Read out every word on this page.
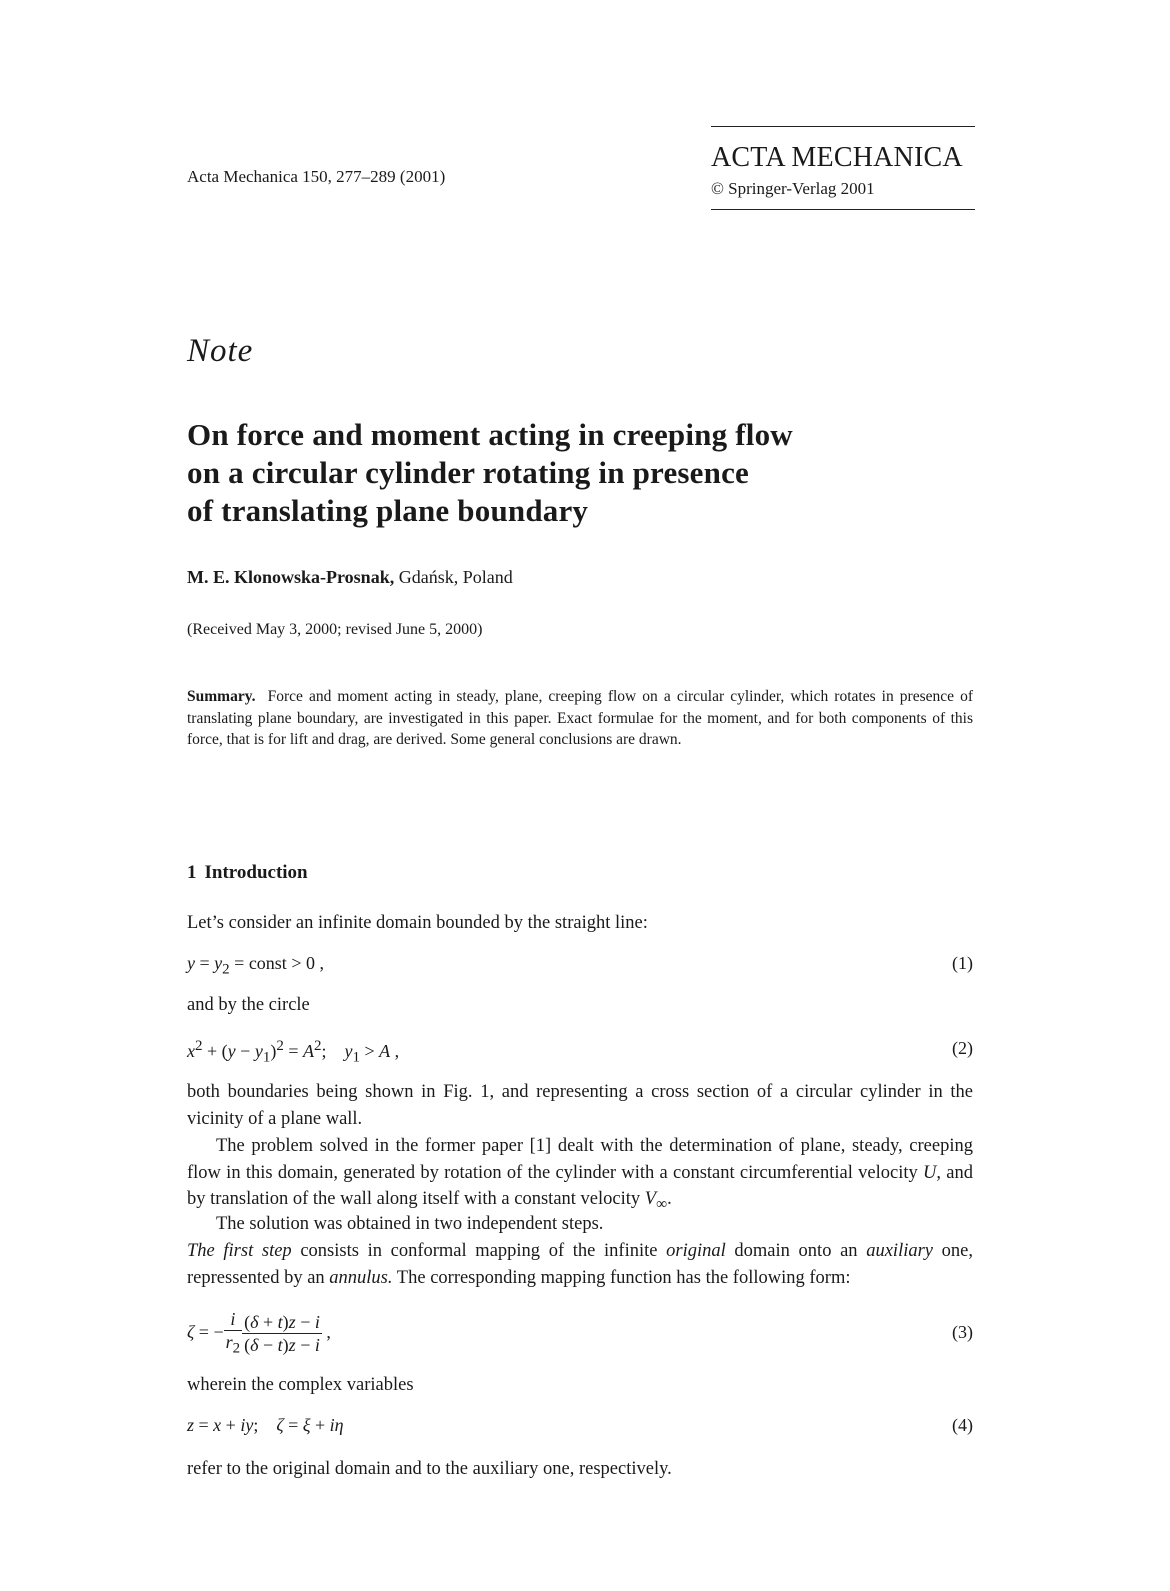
Acta Mechanica 150, 277–289 (2001)
ACTA MECHANICA
© Springer-Verlag 2001
Note
On force and moment acting in creeping flow
on a circular cylinder rotating in presence
of translating plane boundary
M. E. Klonowska-Prosnak, Gdańsk, Poland
(Received May 3, 2000; revised June 5, 2000)
Summary. Force and moment acting in steady, plane, creeping flow on a circular cylinder, which rotates in presence of translating plane boundary, are investigated in this paper. Exact formulae for the moment, and for both components of this force, that is for lift and drag, are derived. Some general conclusions are drawn.
1 Introduction
Let’s consider an infinite domain bounded by the straight line:
$y = y_2$ = const > 0 ,	(1)
and by the circle
$x^2 + (y - y_1)^2 = A^2$;    $y_1 > A$ ,	(2)
both boundaries being shown in Fig. 1, and representing a cross section of a circular cylinder in the vicinity of a plane wall.
The problem solved in the former paper [1] dealt with the determination of plane, steady, creeping flow in this domain, generated by rotation of the cylinder with a constant circumferential velocity U, and by translation of the wall along itself with a constant velocity $V_\infty$.
The solution was obtained in two independent steps.
The first step consists in conformal mapping of the infinite original domain onto an auxiliary one, repressented by an annulus. The corresponding mapping function has the following form:
ζ = − $\frac{i}{r_2} \frac{(\delta + t)z - i}{(\delta - t)z - i}$ ,	(3)
wherein the complex variables
z = x + iy;    ζ = ξ + iη	(4)
refer to the original domain and to the auxiliary one, respectively.
